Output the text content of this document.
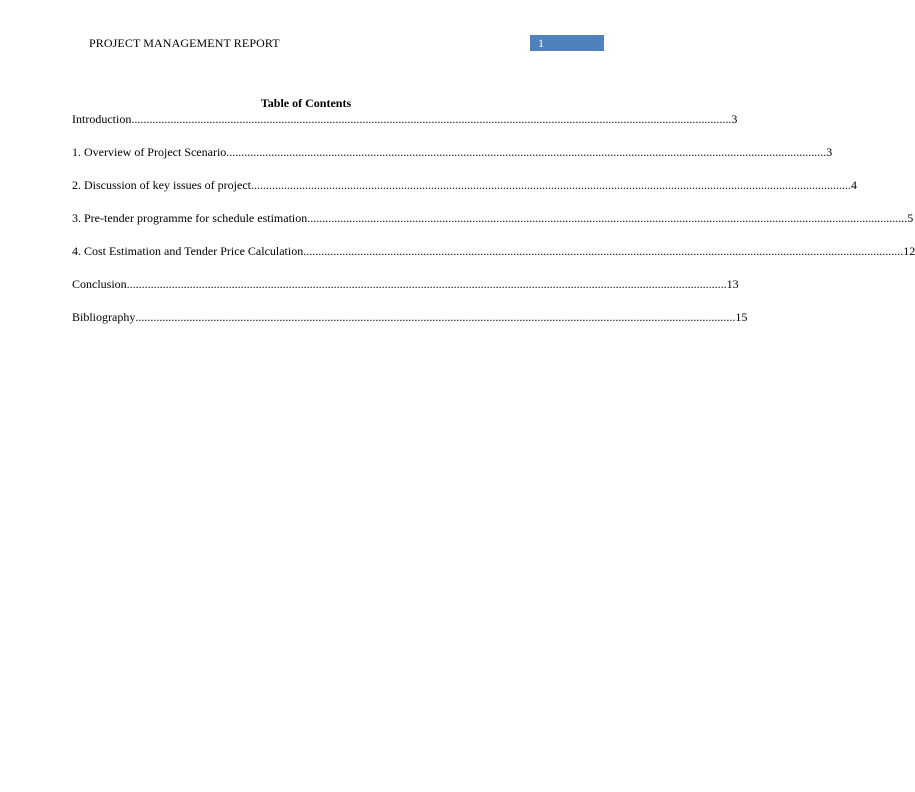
PROJECT MANAGEMENT REPORT	1
Table of Contents
Introduction ........................................................................................................................................................................................................ 3
1. Overview of Project Scenario ........................................................................................................................................................................................................ 3
2. Discussion of key issues of project ........................................................................................................................................................................................................ 4
3. Pre-tender programme for schedule estimation ........................................................................................................................................................................................................ 5
4. Cost Estimation and Tender Price Calculation ........................................................................................................................................................................................................ 12
Conclusion ........................................................................................................................................................................................................ 13
Bibliography ........................................................................................................................................................................................................ 15
